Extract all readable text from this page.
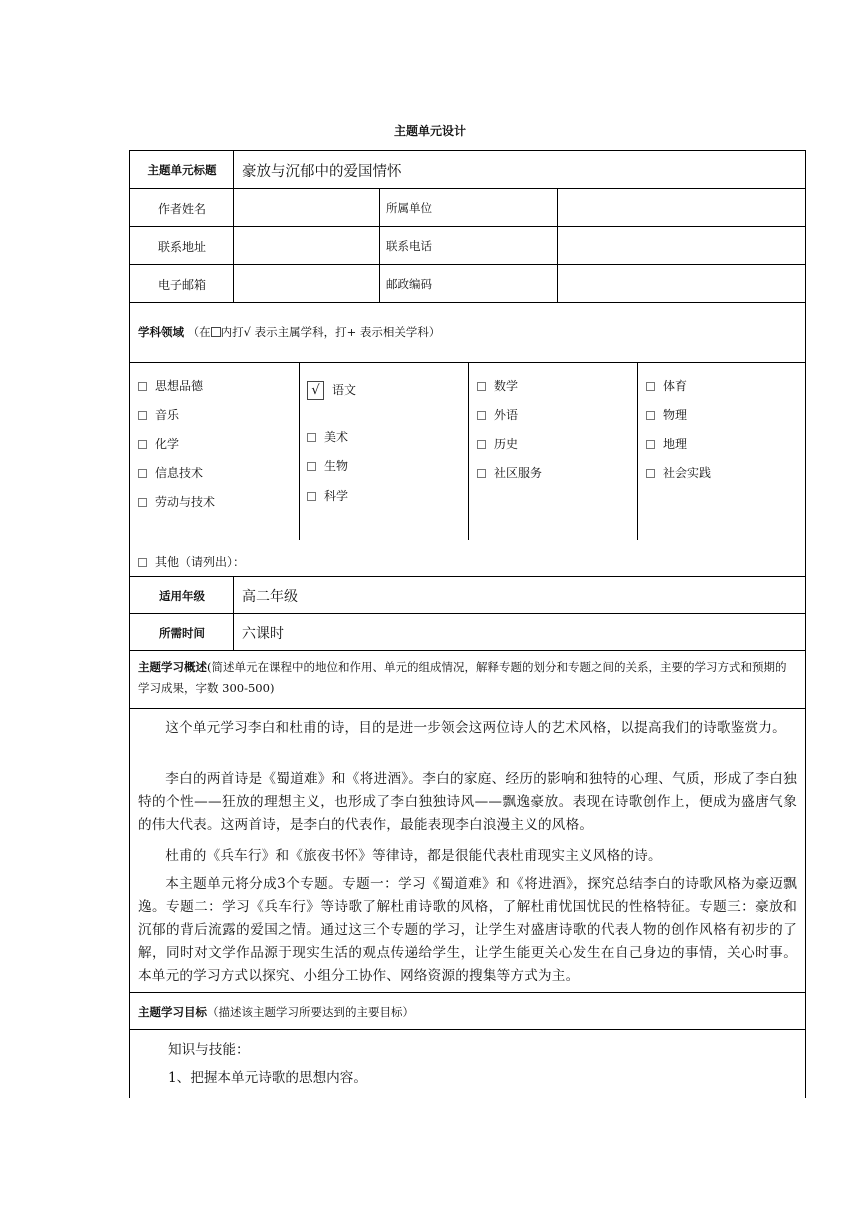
主题单元设计
主题单元标题	豪放与沉郁中的爱国情怀
作者姓名	所属单位
联系地址	联系电话
电子邮箱	邮政编码
学科领域 （在 内打√ 表示主属学科，打+ 表示相关学科）
思想品德
音乐
化学
信息技术
劳动与技术
√ 语文
美术
生物
科学
数学
外语
历史
社区服务
体育
物理
地理
社会实践
其他（请列出）：
适用年级	高二年级
所需时间	六课时
主题学习概述(简述单元在课程中的地位和作用、单元的组成情况，解释专题的划分和专题之间的关系，主要的学习方式和预期的学习成果，字数 300-500)
这个单元学习李白和杜甫的诗，目的是进一步领会这两位诗人的艺术风格，以提高我们的诗歌鉴赏力。
李白的两首诗是《蜀道难》和《将进酒》。李白的家庭、经历的影响和独特的心理、气质，形成了李白独特的个性——狂放的理想主义，也形成了李白独独诗风——飘逸豪放。表现在诗歌创作上，便成为盛唐气象的伟大代表。这两首诗，是李白的代表作，最能表现李白浪漫主义的风格。
杜甫的《兵车行》和《旅夜书怀》等律诗，都是很能代表杜甫现实主义风格的诗。
本主题单元将分成3个专题。专题一：学习《蜀道难》和《将进酒》，探究总结李白的诗歌风格为豪迈飘逸。专题二：学习《兵车行》等诗歌了解杜甫诗歌的风格，了解杜甫忧国忧民的性格特征。专题三：豪放和沉郁的背后流露的爱国之情。通过这三个专题的学习，让学生对盛唐诗歌的代表人物的创作风格有初步的了解，同时对文学作品源于现实生活的观点传递给学生，让学生能更关心发生在自己身边的事情，关心时事。本单元的学习方式以探究、小组分工协作、网络资源的搜集等方式为主。
主题学习目标（描述该主题学习所要达到的主要目标）
知识与技能：
1、把握本单元诗歌的思想内容。
